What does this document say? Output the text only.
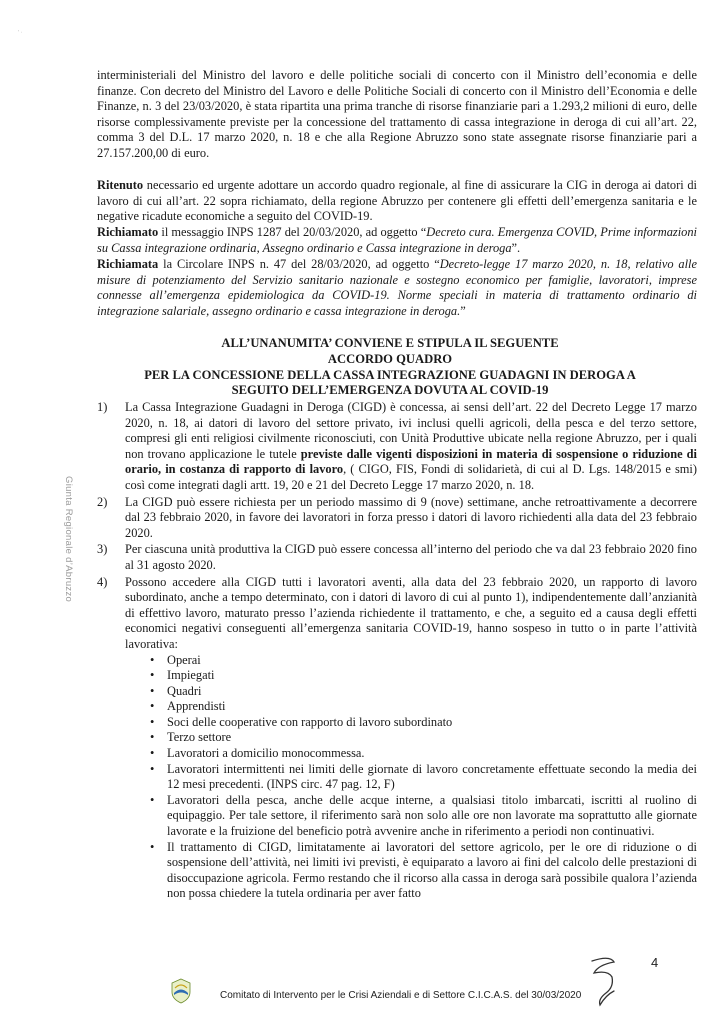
' ·

interministeriali del Ministro del lavoro e delle politiche sociali di concerto con il Ministro dell’economia e delle finanze. Con decreto del Ministro del Lavoro e delle Politiche Sociali di concerto con il Ministro dell’Economia e delle Finanze, n. 3 del 23/03/2020, è stata ripartita una prima tranche di risorse finanziarie pari a 1.293,2 milioni di euro, delle risorse complessivamente previste per la concessione del trattamento di cassa integrazione in deroga di cui all’art. 22, comma 3 del D.L. 17 marzo 2020, n. 18 e che alla Regione Abruzzo sono state assegnate risorse finanziarie pari a 27.157.200,00 di euro.

Ritenuto necessario ed urgente adottare un accordo quadro regionale, al fine di assicurare la CIG in deroga ai datori di lavoro di cui all’art. 22 sopra richiamato, della regione Abruzzo per contenere gli effetti dell’emergenza sanitaria e le negative ricadute economiche a seguito del COVID-19.

Richiamato il messaggio INPS 1287 del 20/03/2020, ad oggetto “Decreto cura. Emergenza COVID, Prime informazioni su Cassa integrazione ordinaria, Assegno ordinario e Cassa integrazione in deroga”.

Richiamata la Circolare INPS n. 47 del 28/03/2020, ad oggetto “Decreto-legge 17 marzo 2020, n. 18, relativo alle misure di potenziamento del Servizio sanitario nazionale e sostegno economico per famiglie, lavoratori, imprese connesse all’emergenza epidemiologica da COVID-19. Norme speciali in materia di trattamento ordinario di integrazione salariale, assegno ordinario e cassa integrazione in deroga.”

ALL’UNANUMITA’ CONVIENE E STIPULA IL SEGUENTE
ACCORDO QUADRO
PER LA CONCESSIONE DELLA CASSA INTEGRAZIONE GUADAGNI IN DEROGA A
SEGUITO DELL’EMERGENZA DOVUTA AL COVID-19
1) La Cassa Integrazione Guadagni in Deroga (CIGD) è concessa, ai sensi dell’art. 22 del Decreto Legge 17 marzo 2020, n. 18, ai datori di lavoro del settore privato, ivi inclusi quelli agricoli, della pesca e del terzo settore, compresi gli enti religiosi civilmente riconosciuti, con Unità Produttive ubicate nella regione Abruzzo, per i quali non trovano applicazione le tutele previste dalle vigenti disposizioni in materia di sospensione o riduzione di orario, in costanza di rapporto di lavoro, ( CIGO, FIS, Fondi di solidarietà, di cui al D. Lgs. 148/2015 e smi) così come integrati dagli artt. 19, 20 e 21 del Decreto Legge 17 marzo 2020, n. 18.
2) La CIGD può essere richiesta per un periodo massimo di 9 (nove) settimane, anche retroattivamente a decorrere dal 23 febbraio 2020, in favore dei lavoratori in forza presso i datori di lavoro richiedenti alla data del 23 febbraio 2020.
3) Per ciascuna unità produttiva la CIGD può essere concessa all’interno del periodo che va dal 23 febbraio 2020 fino al 31 agosto 2020.
4) Possono accedere alla CIGD tutti i lavoratori aventi, alla data del 23 febbraio 2020, un rapporto di lavoro subordinato, anche a tempo determinato, con i datori di lavoro di cui al punto 1), indipendentemente dall’anzianità di effettivo lavoro, maturato presso l’azienda richiedente il trattamento, e che, a seguito ed a causa degli effetti economici negativi conseguenti all’emergenza sanitaria COVID-19, hanno sospeso in tutto o in parte l’attività lavorativa:
• Operai
• Impiegati
• Quadri
• Apprendisti
• Soci delle cooperative con rapporto di lavoro subordinato
• Terzo settore
• Lavoratori a domicilio monocommessa.
• Lavoratori intermittenti nei limiti delle giornate di lavoro concretamente effettuate secondo la media dei 12 mesi precedenti. (INPS circ. 47 pag. 12, F)
• Lavoratori della pesca, anche delle acque interne, a qualsiasi titolo imbarcati, iscritti al ruolino di equipaggio. Per tale settore, il riferimento sarà non solo alle ore non lavorate ma soprattutto alle giornate lavorate e la fruizione del beneficio potrà avvenire anche in riferimento a periodi non continuativi.
• Il trattamento di CIGD, limitatamente ai lavoratori del settore agricolo, per le ore di riduzione o di sospensione dell’attività, nei limiti ivi previsti, è equiparato a lavoro ai fini del calcolo delle prestazioni di disoccupazione agricola. Fermo restando che il ricorso alla cassa in deroga sarà possibile qualora l’azienda non possa chiedere la tutela ordinaria per aver fatto
Giunta Regionale d’Abruzzo
Comitato di Intervento per le Crisi Aziendali e di Settore C.I.C.A.S. del 30/03/2020
4
